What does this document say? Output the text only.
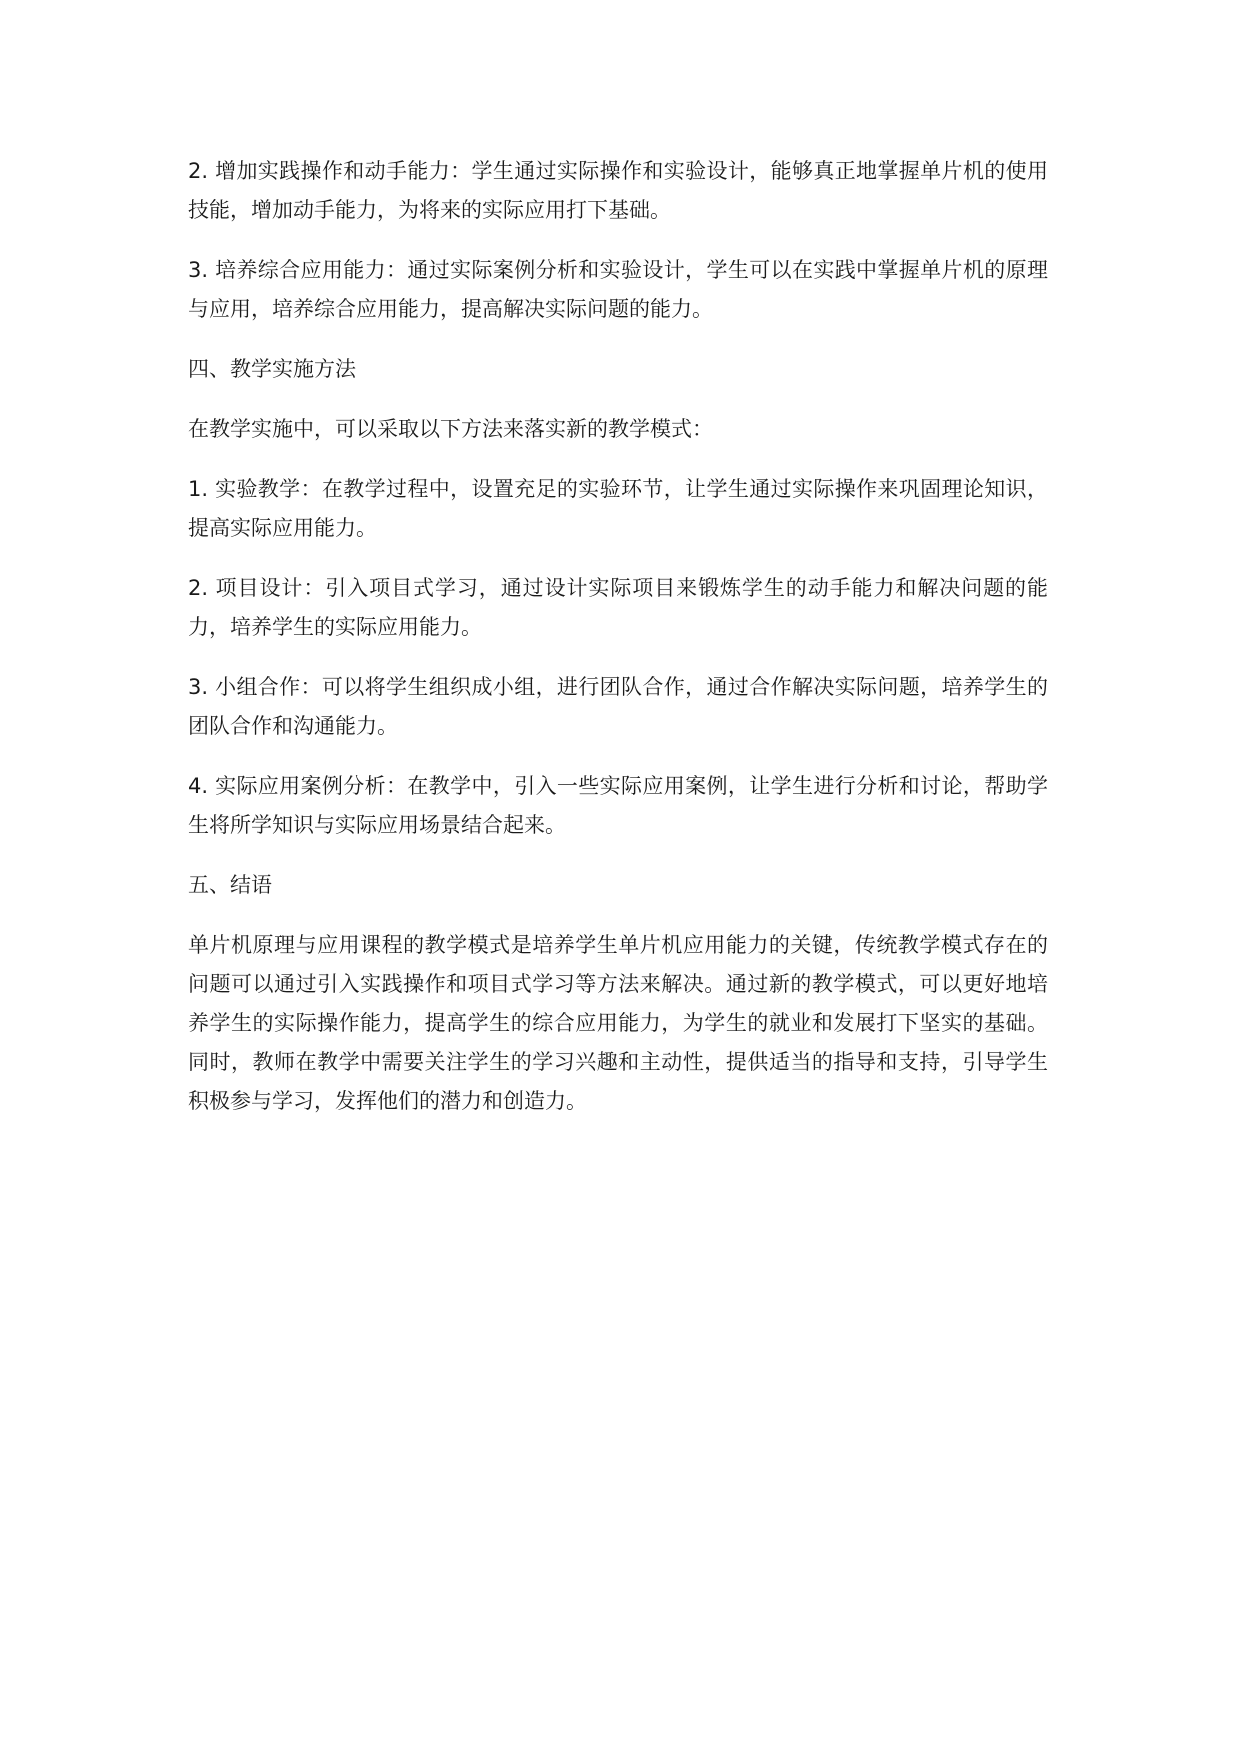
2. 增加实践操作和动手能力：学生通过实际操作和实验设计，能够真正地掌握单片机的使用技能，增加动手能力，为将来的实际应用打下基础。

3. 培养综合应用能力：通过实际案例分析和实验设计，学生可以在实践中掌握单片机的原理与应用，培养综合应用能力，提高解决实际问题的能力。

四、教学实施方法

在教学实施中，可以采取以下方法来落实新的教学模式：

1. 实验教学：在教学过程中，设置充足的实验环节，让学生通过实际操作来巩固理论知识，提高实际应用能力。

2. 项目设计：引入项目式学习，通过设计实际项目来锻炼学生的动手能力和解决问题的能力，培养学生的实际应用能力。

3. 小组合作：可以将学生组织成小组，进行团队合作，通过合作解决实际问题，培养学生的团队合作和沟通能力。

4. 实际应用案例分析：在教学中，引入一些实际应用案例，让学生进行分析和讨论，帮助学生将所学知识与实际应用场景结合起来。

五、结语

单片机原理与应用课程的教学模式是培养学生单片机应用能力的关键，传统教学模式存在的问题可以通过引入实践操作和项目式学习等方法来解决。通过新的教学模式，可以更好地培养学生的实际操作能力，提高学生的综合应用能力，为学生的就业和发展打下坚实的基础。同时，教师在教学中需要关注学生的学习兴趣和主动性，提供适当的指导和支持，引导学生积极参与学习，发挥他们的潜力和创造力。
